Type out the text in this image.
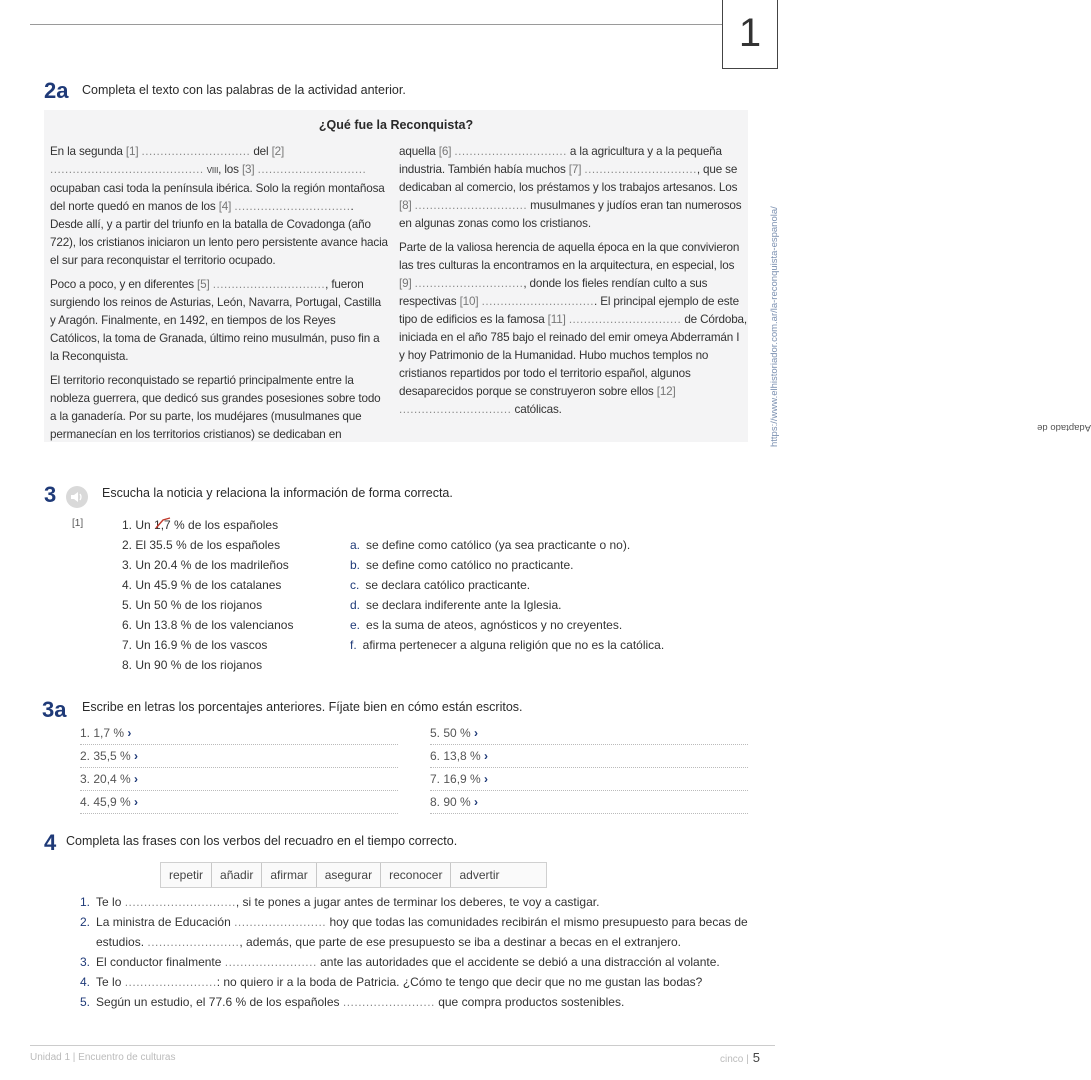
1
2a Completa el texto con las palabras de la actividad anterior.
¿Qué fue la Reconquista?

En la segunda [1] ............................. del [2] ......................................... VIII, los [3] ............................. ocupaban casi toda la península ibérica. Solo la región montañosa del norte quedó en manos de los [4] ................................ Desde allí, y a partir del triunfo en la batalla de Covadonga (año 722), los cristianos iniciaron un lento pero persistente avance hacia el sur para reconquistar el territorio ocupado.

Poco a poco, y en diferentes [5] .............................., fueron surgiendo los reinos de Asturias, León, Navarra, Portugal, Castilla y Aragón. Finalmente, en 1492, en tiempos de los Reyes Católicos, la toma de Granada, último reino musulmán, puso fin a la Reconquista.

El territorio reconquistado se repartió principalmente entre la nobleza guerrera, que dedicó sus grandes posesiones sobre todo a la ganadería. Por su parte, los mudéjares (musulmanes que permanecían en los territorios cristianos) se dedicaban en

aquella [6] .............................. a la agricultura y a la pequeña industria. También había muchos [7] .............................., que se dedicaban al comercio, los préstamos y los trabajos artesanos. Los [8] .............................. musulmanes y judíos eran tan numerosos en algunas zonas como los cristianos.

Parte de la valiosa herencia de aquella época en la que convivieron las tres culturas la encontramos en la arquitectura, en especial, los [9] ............................., donde los fieles rendían culto a sus respectivas [10] ............................... El principal ejemplo de este tipo de edificios es la famosa [11] .............................. de Córdoba, iniciada en el año 785 bajo el reinado del emir omeya Abderramán I y hoy Patrimonio de la Humanidad. Hubo muchos templos no cristianos repartidos por todo el territorio español, algunos desaparecidos porque se construyeron sobre ellos [12] .............................. católicas.

Adaptado de
https://www.elhistoriador.com.ar/la-reconquista-espanola/
3	Escucha la noticia y relaciona la información de forma correcta.
[1]	1. Un 1,7 % de los españoles
2. El 35.5 % de los españoles
3. Un 20.4 % de los madrileños
4. Un 45.9 % de los catalanes
5. Un 50 % de los riojanos
6. Un 13.8 % de los valencianos
7. Un 16.9 % de los vascos
8. Un 90 % de los riojanos
a. se define como católico (ya sea practicante o no).
b. se define como católico no practicante.
c. se declara católico practicante.
d. se declara indiferente ante la Iglesia.
e. es la suma de ateos, agnósticos y no creyentes.
f. afirma pertenecer a alguna religión que no es la católica.
3a Escribe en letras los porcentajes anteriores. Fíjate bien en cómo están escritos.
1. 1,7 % ›
2. 35,5 % ›
3. 20,4 % ›
4. 45,9 % ›
5. 50 % ›
6. 13,8 % ›
7. 16,9 % ›
8. 90 % ›
4 Completa las frases con los verbos del recuadro en el tiempo correcto.
repetir	añadir	afirmar	asegurar	reconocer	advertir
1. Te lo ............................., si te pones a jugar antes de terminar los deberes, te voy a castigar.
2. La ministra de Educación ........................ hoy que todas las comunidades recibirán el mismo presupuesto para becas de
estudios. ........................, además, que parte de ese presupuesto se iba a destinar a becas en el extranjero.
3. El conductor finalmente ........................ ante las autoridades que el accidente se debió a una distracción al volante.
4. Te lo ........................: no quiero ir a la boda de Patricia. ¿Cómo te tengo que decir que no me gustan las bodas?
5. Según un estudio, el 77.6 % de los españoles ........................ que compra productos sostenibles.
Unidad 1 | Encuentro de culturas	cinco | 5
